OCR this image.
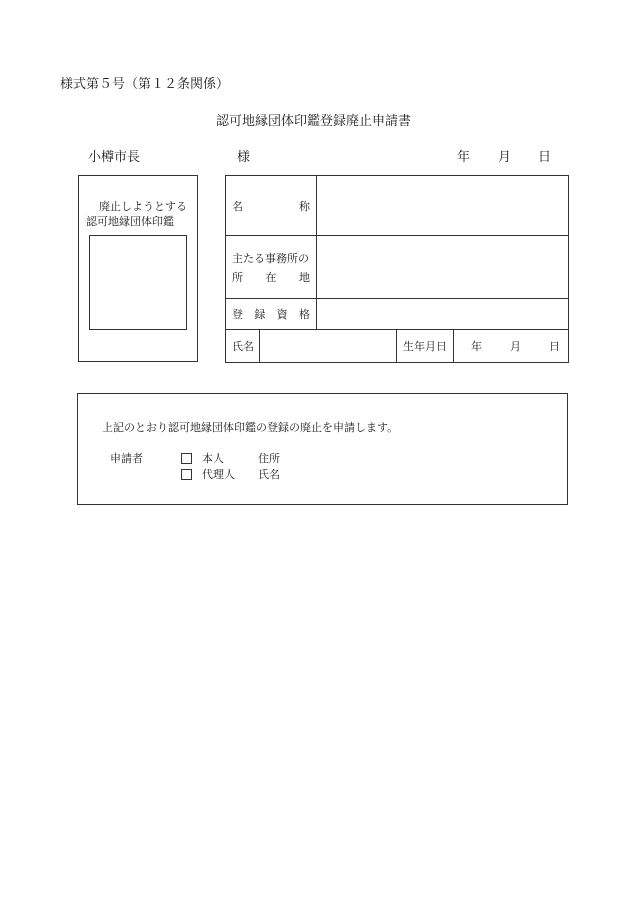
様式第５号（第１２条関係）
認可地縁団体印鑑登録廃止申請書
小樽市長	様	年 月 日
廃止しようとする
認可地縁団体印鑑
名 称			

主たる事務所の
所 在 地			

登 録 資 格			

氏名		生年月日	年 月 日
上記のとおり認可地縁団体印鑑の登録の廃止を申請します。
申請者	本人	住所
代理人 氏名
